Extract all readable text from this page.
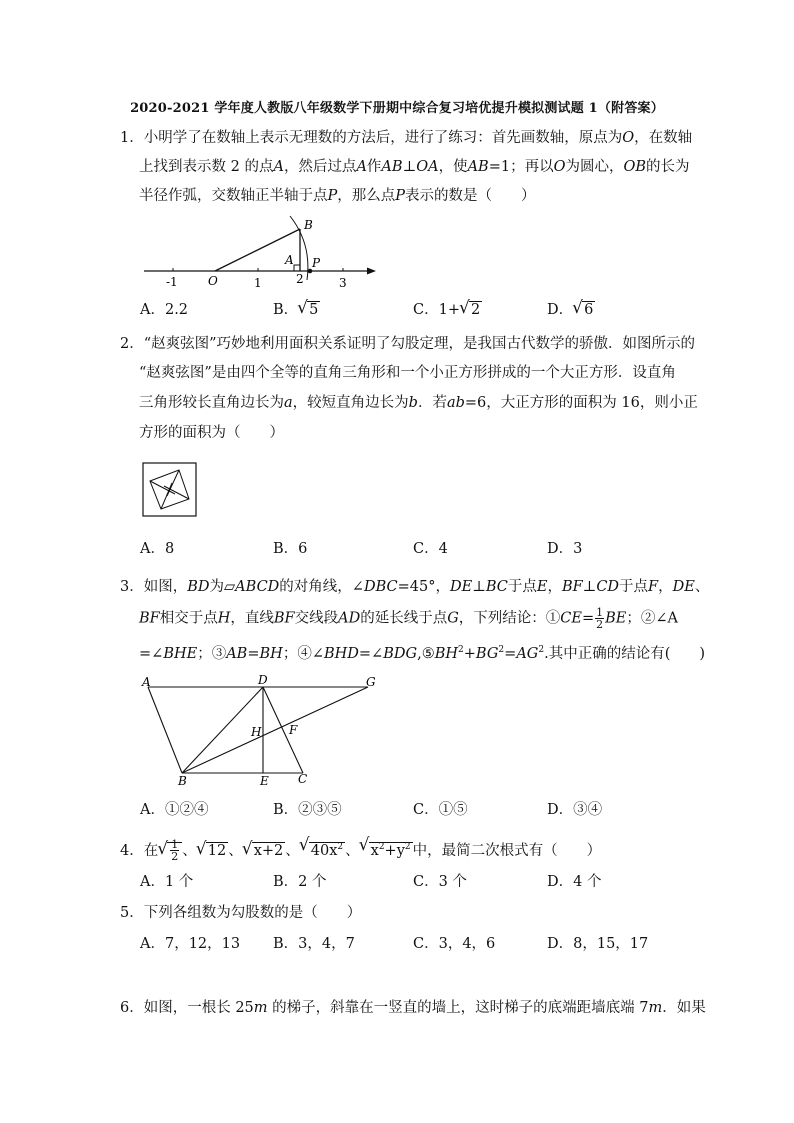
2020-2021 学年度人教版八年级数学下册期中综合复习培优提升模拟测试题 1（附答案）
1．小明学了在数轴上表示无理数的方法后，进行了练习：首先画数轴，原点为O，在数轴
上找到表示数 2 的点A，然后过点A作AB⊥OA，使AB=1；再以O为圆心，OB的长为
半径作弧，交数轴正半轴于点P，那么点P表示的数是（　　）
B
A P
O
-1	1	2	3
A．2.2	B． √ 5	C．1+ √ 2	D． √ 6
2．“赵爽弦图”巧妙地利用面积关系证明了勾股定理，是我国古代数学的骄傲．如图所示的
“赵爽弦图”是由四个全等的直角三角形和一个小正方形拼成的一个大正方形．设直角
三角形较长直角边长为a，较短直角边长为b．若ab=6，大正方形的面积为 16，则小正
方形的面积为（　　）
A．8	B．6	C．4	D．3
3．如图，BD为▱ABCD的对角线，∠DBC=45°，DE⊥BC于点E，BF⊥CD于点F，DE、
BF相交于点H，直线BF交线段AD的延长线于点G，下列结论：①CE= $\frac{1}{2}$ BE；②∠A
=∠BHE；③AB=BH；$④\angle BHD=\angle BDG,⑤BH^2+BG^2=AG^2$.其中正确的结论有(　　)
A	D	G
H F
B	E C
A．①②④	B．②③⑤	C．①⑤	D．③④
4．在 √ $\frac{1}{2}$ 、 √ 12 、 √ x+2 、 √ $40x^2$ 、 √ $x^2+y^2$ 中，最简二次根式有（　　）
A．1 个	B．2 个	C．3 个	D．4 个
5．下列各组数为勾股数的是（　　）
A．7，12，13 B．3，4，7	C．3，4，6	D．8，15，17
6．如图，一根长 25m 的梯子，斜靠在一竖直的墙上，这时梯子的底端距墙底端 7m．如果
